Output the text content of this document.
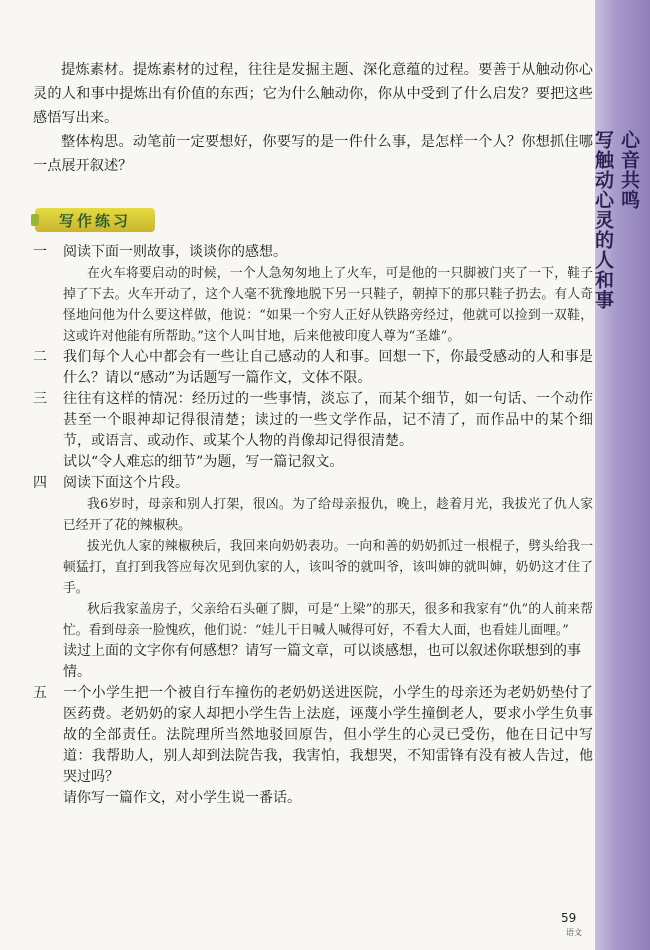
提炼素材。提炼素材的过程，往往是发掘主题、深化意蕴的过程。要善于从触动你心灵的人和事中提炼出有价值的东西；它为什么触动你，你从中受到了什么启发？要把这些感悟写出来。

整体构思。动笔前一定要想好，你要写的是一件什么事，是怎样一个人？你想抓住哪一点展开叙述？

写作练习
一 阅读下面一则故事，谈谈你的感想。

在火车将要启动的时候，一个人急匆匆地上了火车，可是他的一只脚被门夹了一下，鞋子掉了下去。火车开动了，这个人毫不犹豫地脱下另一只鞋子，朝掉下的那只鞋子扔去。有人奇怪地问他为什么要这样做，他说：“如果一个穷人正好从铁路旁经过，他就可以捡到一双鞋，这或许对他能有所帮助。”这个人叫甘地，后来他被印度人尊为“圣雄”。

二 我们每个人心中都会有一些让自己感动的人和事。回想一下，你最受感动的人和事是什么？请以“感动”为话题写一篇作文，文体不限。
三 往往有这样的情况：经历过的一些事情，淡忘了，而某个细节，如一句话、一个动作甚至一个眼神却记得很清楚；读过的一些文学作品，记不清了，而作品中的某个细节，或语言、或动作、或某个人物的肖像却记得很清楚。

试以“令人难忘的细节”为题，写一篇记叙文。

四 阅读下面这个片段。

我6岁时，母亲和别人打架，很凶。为了给母亲报仇，晚上，趁着月光，我拔光了仇人家已经开了花的辣椒秧。

拔光仇人家的辣椒秧后，我回来向奶奶表功。一向和善的奶奶抓过一根棍子，劈头给我一顿猛打，直打到我答应每次见到仇家的人，该叫爷的就叫爷，该叫婶的就叫婶，奶奶这才住了手。

秋后我家盖房子，父亲给石头砸了脚，可是“上梁”的那天，很多和我家有“仇”的人前来帮忙。看到母亲一脸愧疚，他们说：“娃儿干日喊人喊得可好，不看大人面，也看娃儿面哩。”

读过上面的文字你有何感想？请写一篇文章，可以谈感想，也可以叙述你联想到的事情。

五 一个小学生把一个被自行车撞伤的老奶奶送进医院，小学生的母亲还为老奶奶垫付了医药费。老奶奶的家人却把小学生告上法庭，诬蔑小学生撞倒老人，要求小学生负事故的全部责任。法院理所当然地驳回原告，但小学生的心灵已受伤，他在日记中写道：我帮助人，别人却到法院告我，我害怕，我想哭，不知雷锋有没有被人告过，他哭过吗？

请你写一篇作文，对小学生说一番话。

59
语文
心音共鸣
写触动心灵的人和事
